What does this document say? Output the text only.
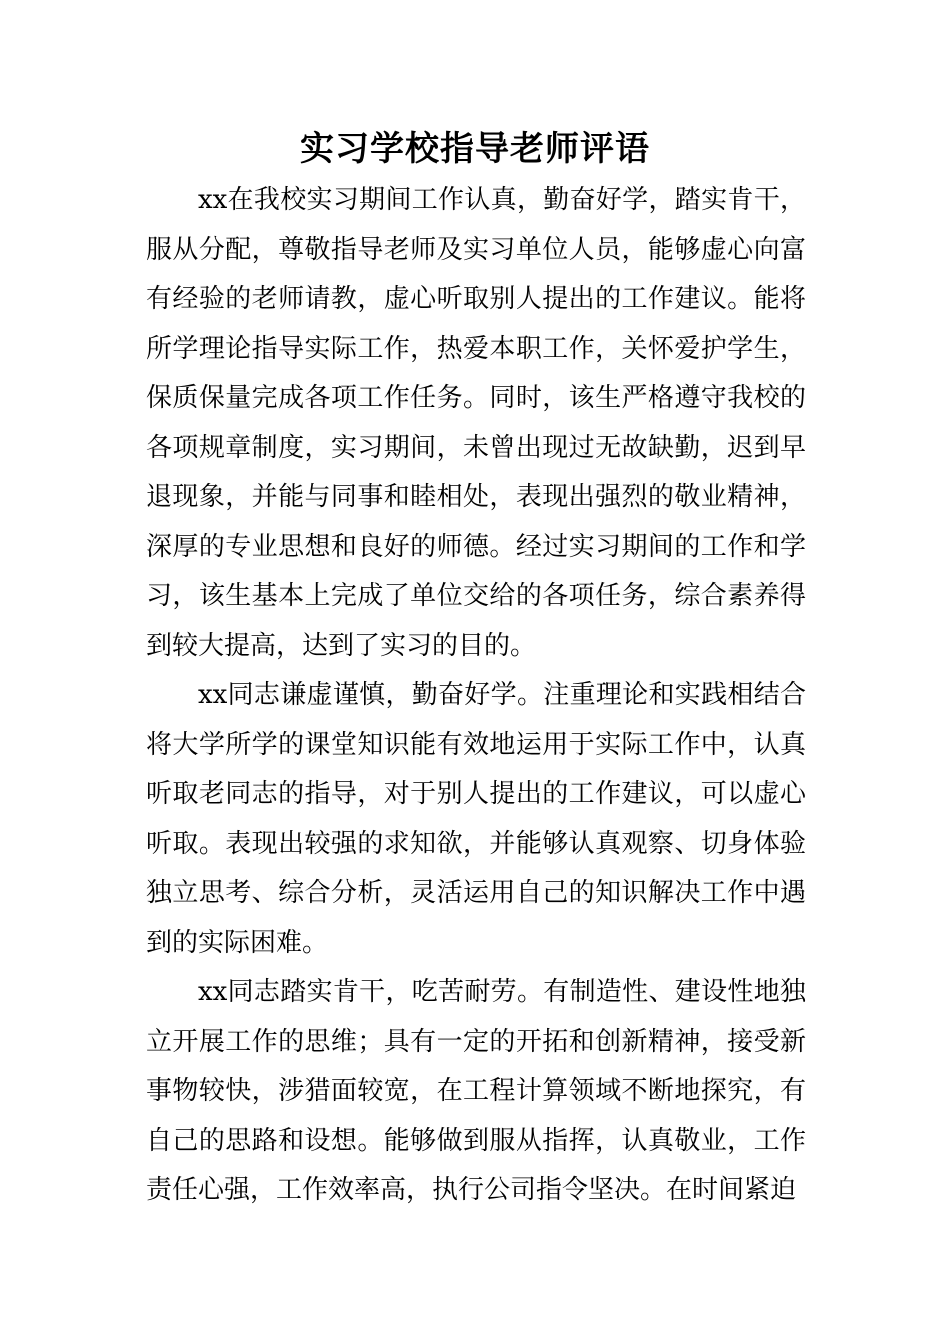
实习学校指导老师评语

xx在我校实习期间工作认真，勤奋好学，踏实肯干，服从分配，尊敬指导老师及实习单位人员，能够虚心向富有经验的老师请教，虚心听取别人提出的工作建议。能将所学理论指导实际工作，热爱本职工作，关怀爱护学生，保质保量完成各项工作任务。同时，该生严格遵守我校的各项规章制度，实习期间，未曾出现过无故缺勤，迟到早退现象，并能与同事和睦相处，表现出强烈的敬业精神，深厚的专业思想和良好的师德。经过实习期间的工作和学习，该生基本上完成了单位交给的各项任务，综合素养得到较大提高，达到了实习的目的。

xx同志谦虚谨慎，勤奋好学。注重理论和实践相结合将大学所学的课堂知识能有效地运用于实际工作中，认真听取老同志的指导，对于别人提出的工作建议，可以虚心听取。表现出较强的求知欲，并能够认真观察、切身体验独立思考、综合分析，灵活运用自己的知识解决工作中遇到的实际困难。

xx同志踏实肯干，吃苦耐劳。有制造性、建设性地独立开展工作的思维；具有一定的开拓和创新精神，接受新事物较快，涉猎面较宽，在工程计算领域不断地探究，有自己的思路和设想。能够做到服从指挥，认真敬业，工作责任心强，工作效率高，执行公司指令坚决。在时间紧迫
